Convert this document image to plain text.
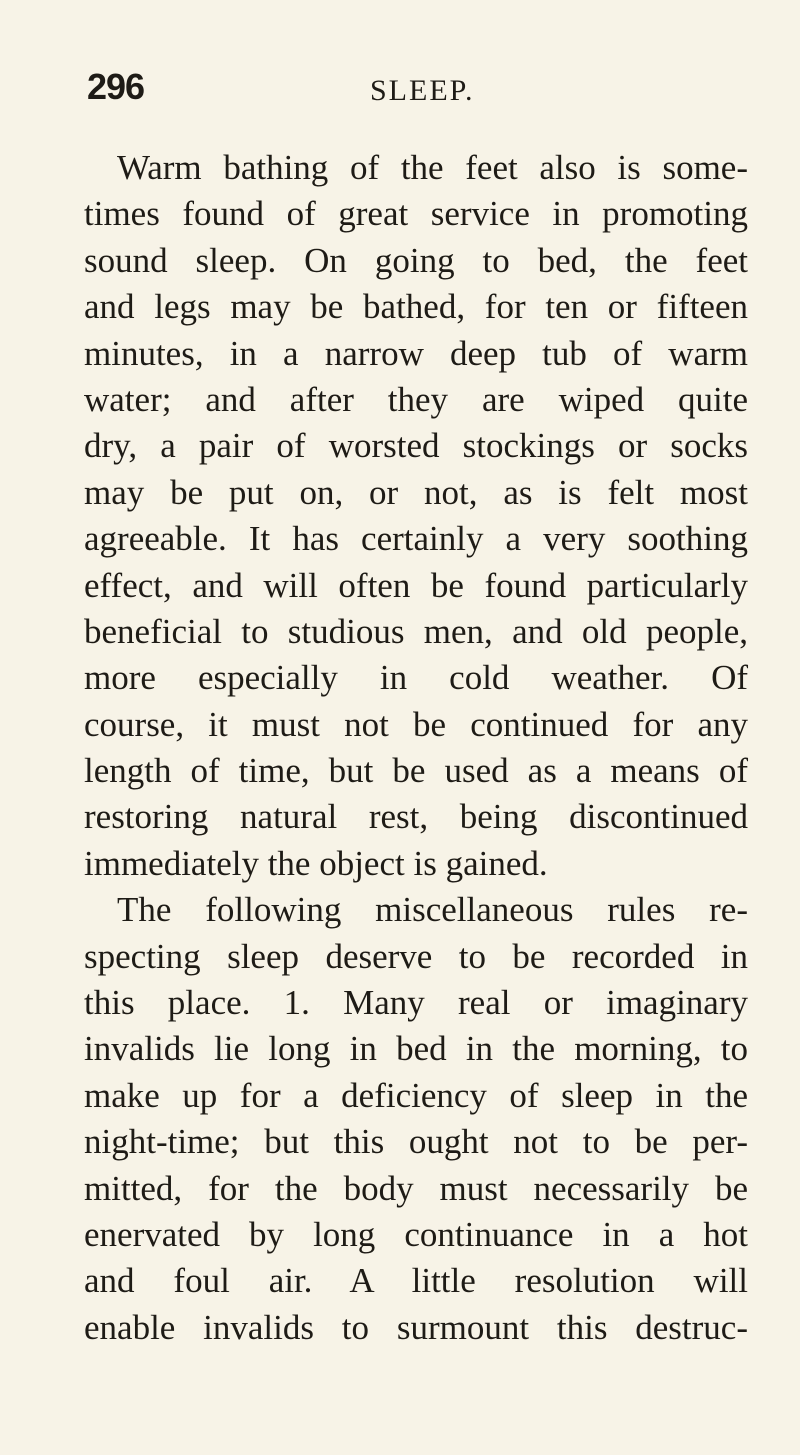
296	SLEEP.
Warm bathing of the feet also is some-
times found of great service in promoting
sound sleep. On going to bed, the feet
and legs may be bathed, for ten or fifteen
minutes, in a narrow deep tub of warm
water; and after they are wiped quite
dry, a pair of worsted stockings or socks
may be put on, or not, as is felt most
agreeable. It has certainly a very soothing
effect, and will often be found particularly
beneficial to studious men, and old people,
more especially in cold weather. Of
course, it must not be continued for any
length of time, but be used as a means of
restoring natural rest, being discontinued
immediately the object is gained.
The following miscellaneous rules re-
specting sleep deserve to be recorded in
this place. 1. Many real or imaginary
invalids lie long in bed in the morning, to
make up for a deficiency of sleep in the
night-time; but this ought not to be per-
mitted, for the body must necessarily be
enervated by long continuance in a hot
and foul air. A little resolution will
enable invalids to surmount this destruc-
